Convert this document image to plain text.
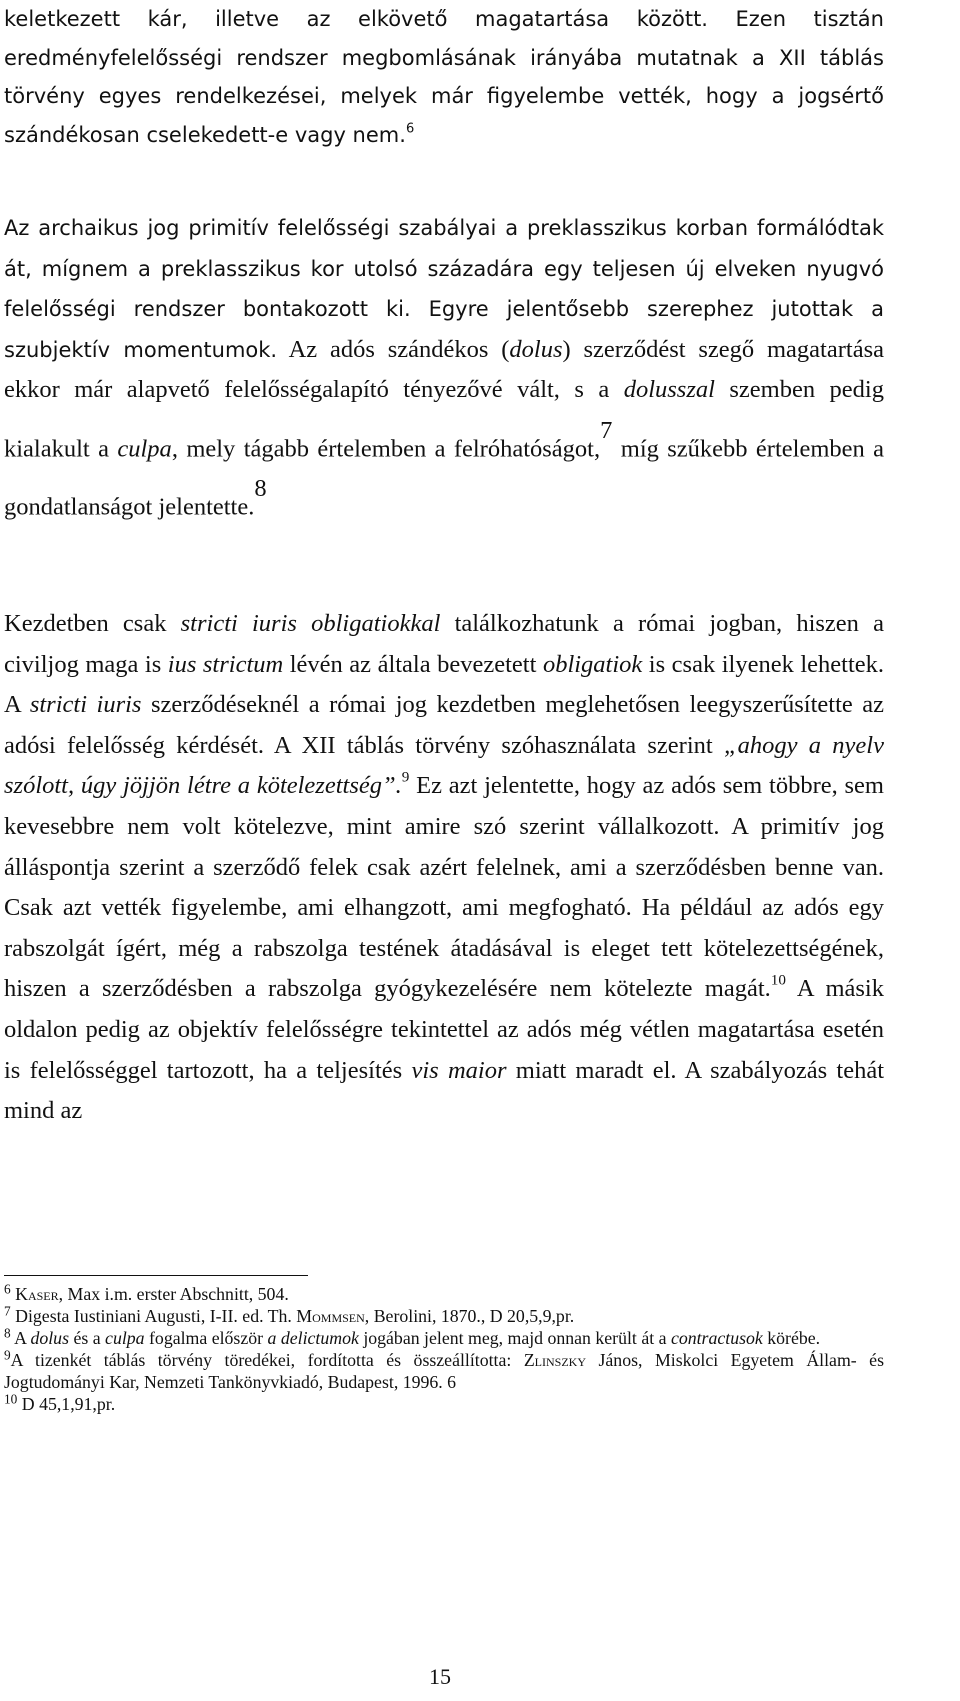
keletkezett kár, illetve az elkövető magatartása között. Ezen tisztán eredményfelelősségi rendszer megbomlásának irányába mutatnak a XII táblás törvény egyes rendelkezései, melyek már figyelembe vették, hogy a jogsértő szándékosan cselekedett-e vagy nem.$^6$

Az archaikus jog primitív felelősségi szabályai a preklasszikus korban formálódtak át, mígnem a preklasszikus kor utolsó századára egy teljesen új elveken nyugvó felelősségi rendszer bontakozott ki. Egyre jelentősebb szerephez jutottak a szubjektív momentumok. Az adós szándékos (dolus) szerződést szegő magatartása ekkor már alapvető felelősségalapító tényezővé vált, s a dolusszal szemben pedig kialakult a culpa, mely tágabb értelemben a felróhatóságot,$^7$ míg szűkebb értelemben a gondatlanságot jelentette.$^8$

Kezdetben csak stricti iuris obligatiokkal találkozhatunk a római jogban, hiszen a civiljog maga is ius strictum lévén az általa bevezetett obligatiok is csak ilyenek lehettek. A stricti iuris szerződéseknél a római jog kezdetben meglehetősen leegyszerűsítette az adósi felelősség kérdését. A XII táblás törvény szóhasználata szerint „ahogy a nyelv szólott, úgy jöjjön létre a kötelezettség”.$^9$ Ez azt jelentette, hogy az adós sem többre, sem kevesebbre nem volt kötelezve, mint amire szó szerint vállalkozott. A primitív jog álláspontja szerint a szerződő felek csak azért felelnek, ami a szerződésben benne van. Csak azt vették figyelembe, ami elhangzott, ami megfogható. Ha például az adós egy rabszolgát ígért, még a rabszolga testének átadásával is eleget tett kötelezettségének, hiszen a szerződésben a rabszolga gyógykezelésére nem kötelezte magát.$^{10}$ A másik oldalon pedig az objektív felelősségre tekintettel az adós még vétlen magatartása esetén is felelősséggel tartozott, ha a teljesítés vis maior miatt maradt el. A szabályozás tehát mind az

$^6$ Kaser, Max i.m. erster Abschnitt, 504.

$^7$ Digesta Iustiniani Augusti, I-II. ed. Th. Mommsen, Berolini, 1870., D 20,5,9,pr.

$^8$ A dolus és a culpa fogalma először a delictumok jogában jelent meg, majd onnan került át a contractusok körébe.

$^9$A tizenkét táblás törvény töredékei, fordította és összeállította: Zlinszky János, Miskolci Egyetem Állam- és Jogtudományi Kar, Nemzeti Tankönyvkiadó, Budapest, 1996. 6

$^{10}$ D 45,1,91,pr.

15
